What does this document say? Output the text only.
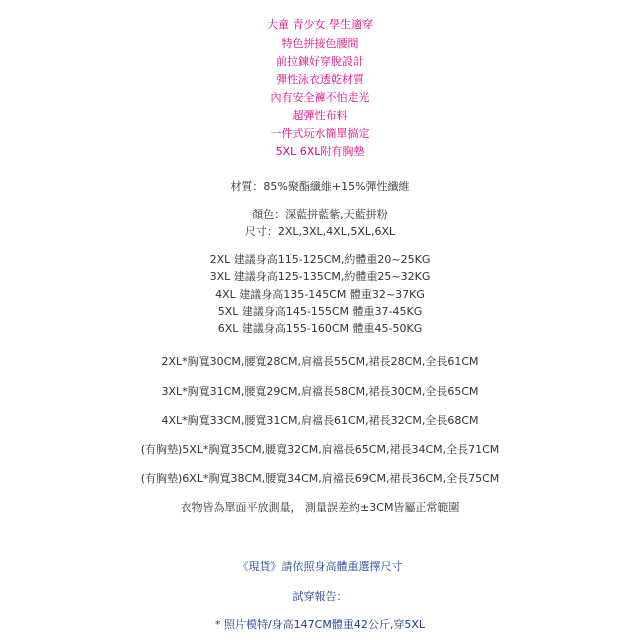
大童 青少女 學生適穿
特色拼接色腰間
前拉鍊好穿脫設計
彈性泳衣透乾材質
內有安全褲不怕走光
超彈性布料
一件式玩水簡單搞定
5XL 6XL附有胸墊
材質：85%聚酯纖維+15%彈性纖維
顏色：深藍拼藍紫,天藍拼粉
尺寸：2XL,3XL,4XL,5XL,6XL
2XL 建議身高115-125CM,約體重20~25KG
3XL 建議身高125-135CM,約體重25~32KG
4XL 建議身高135-145CM 體重32~37KG
5XL 建議身高145-155CM 體重37-45KG
6XL 建議身高155-160CM 體重45-50KG
2XL*胸寬30CM,腰寬28CM,肩襠長55CM,裙長28CM,全長61CM
3XL*胸寬31CM,腰寬29CM,肩襠長58CM,裙長30CM,全長65CM
4XL*胸寬33CM,腰寬31CM,肩襠長61CM,裙長32CM,全長68CM
(有胸墊)5XL*胸寬35CM,腰寬32CM,肩襠長65CM,裙長34CM,全長71CM
(有胸墊)6XL*胸寬38CM,腰寬34CM,肩襠長69CM,裙長36CM,全長75CM
衣物皆為單面平放測量， 測量誤差約±3CM皆屬正常範圍
《現貨》請依照身高體重選擇尺寸
試穿報告：
* 照片模特/身高147CM體重42公斤,穿5XL
